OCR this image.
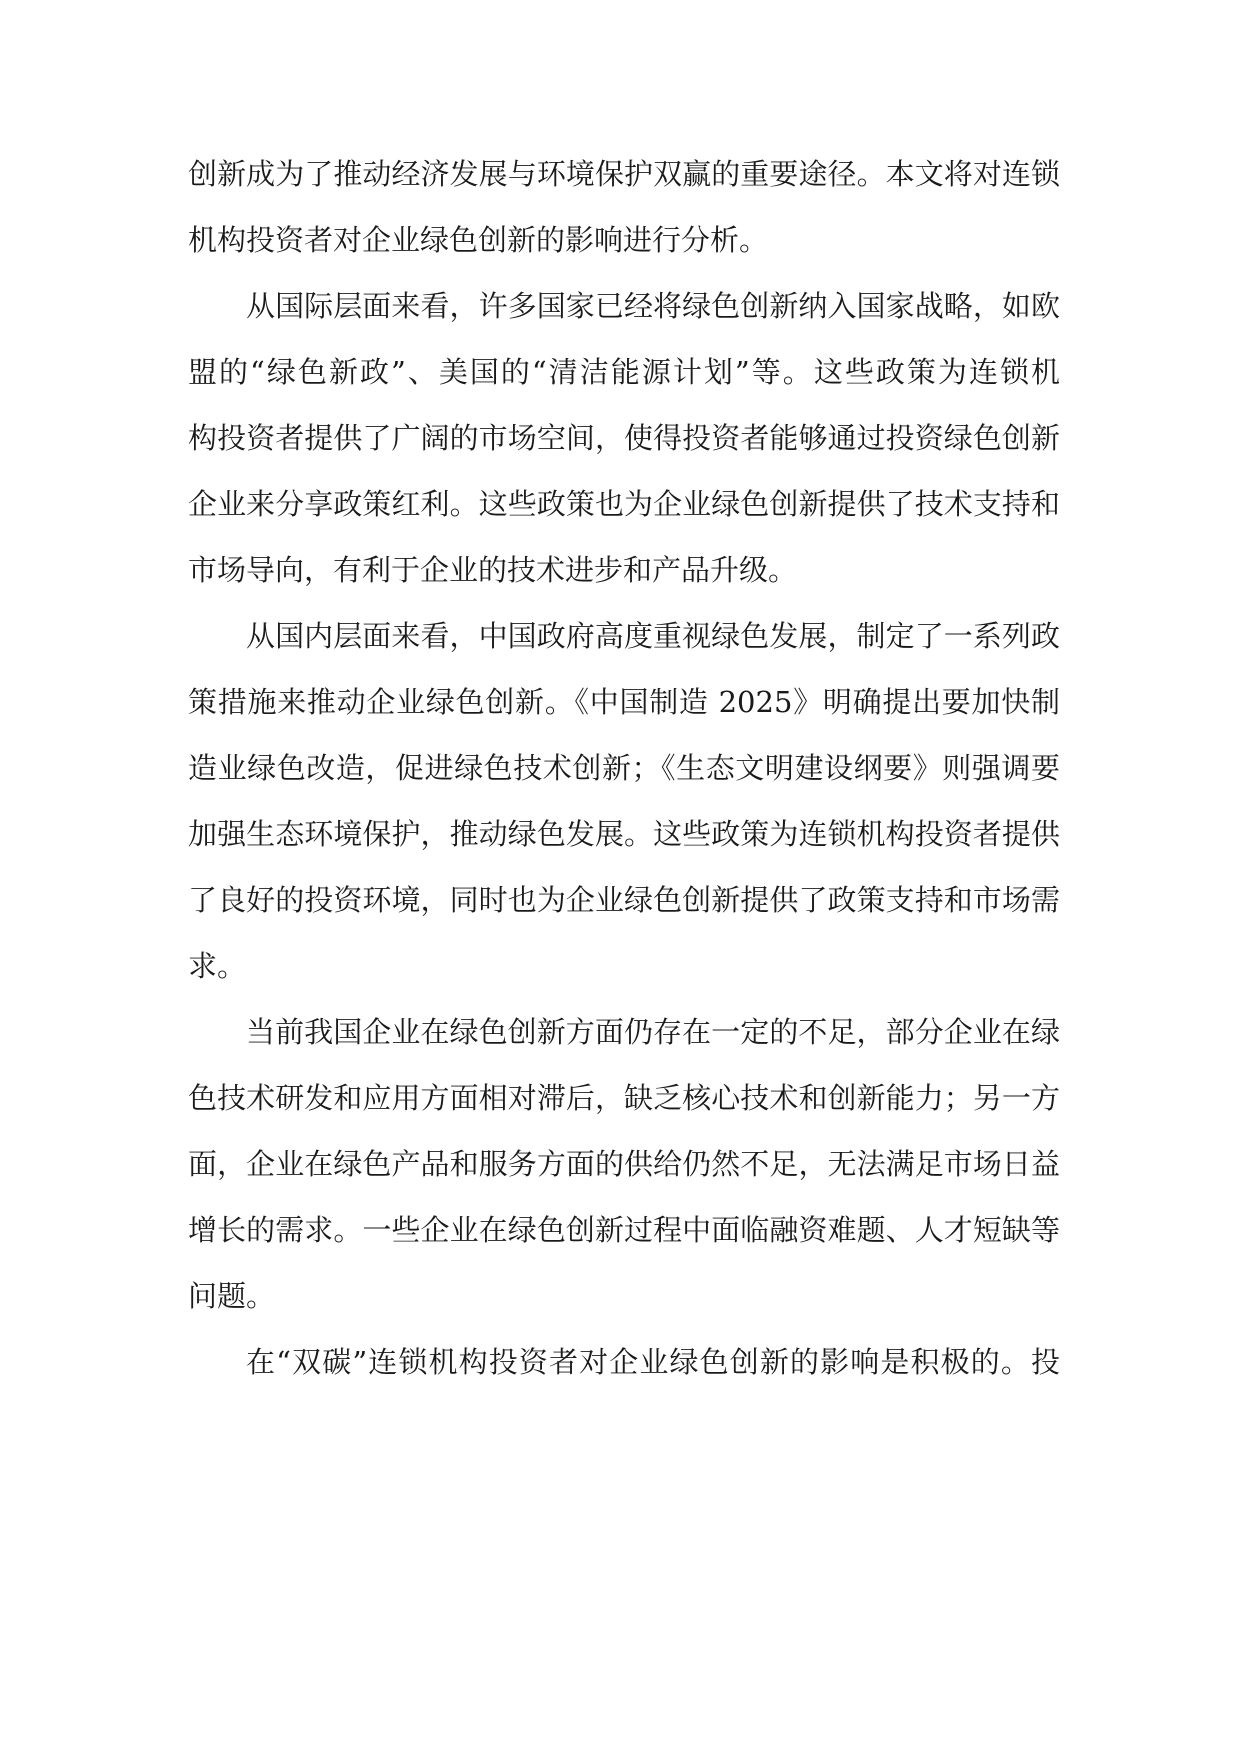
创新成为了推动经济发展与环境保护双赢的重要途径。本文将对连锁
机构投资者对企业绿色创新的影响进行分析。
从国际层面来看，许多国家已经将绿色创新纳入国家战略，如欧
盟的“绿色新政”、美国的“清洁能源计划”等。这些政策为连锁机
构投资者提供了广阔的市场空间，使得投资者能够通过投资绿色创新
企业来分享政策红利。这些政策也为企业绿色创新提供了技术支持和
市场导向，有利于企业的技术进步和产品升级。
从国内层面来看，中国政府高度重视绿色发展，制定了一系列政
策措施来推动企业绿色创新。《中国制造 2025》明确提出要加快制
造业绿色改造，促进绿色技术创新；《生态文明建设纲要》则强调要
加强生态环境保护，推动绿色发展。这些政策为连锁机构投资者提供
了良好的投资环境，同时也为企业绿色创新提供了政策支持和市场需
求。
当前我国企业在绿色创新方面仍存在一定的不足，部分企业在绿
色技术研发和应用方面相对滞后，缺乏核心技术和创新能力；另一方
面，企业在绿色产品和服务方面的供给仍然不足，无法满足市场日益
增长的需求。一些企业在绿色创新过程中面临融资难题、人才短缺等
问题。
在“双碳”连锁机构投资者对企业绿色创新的影响是积极的。投
